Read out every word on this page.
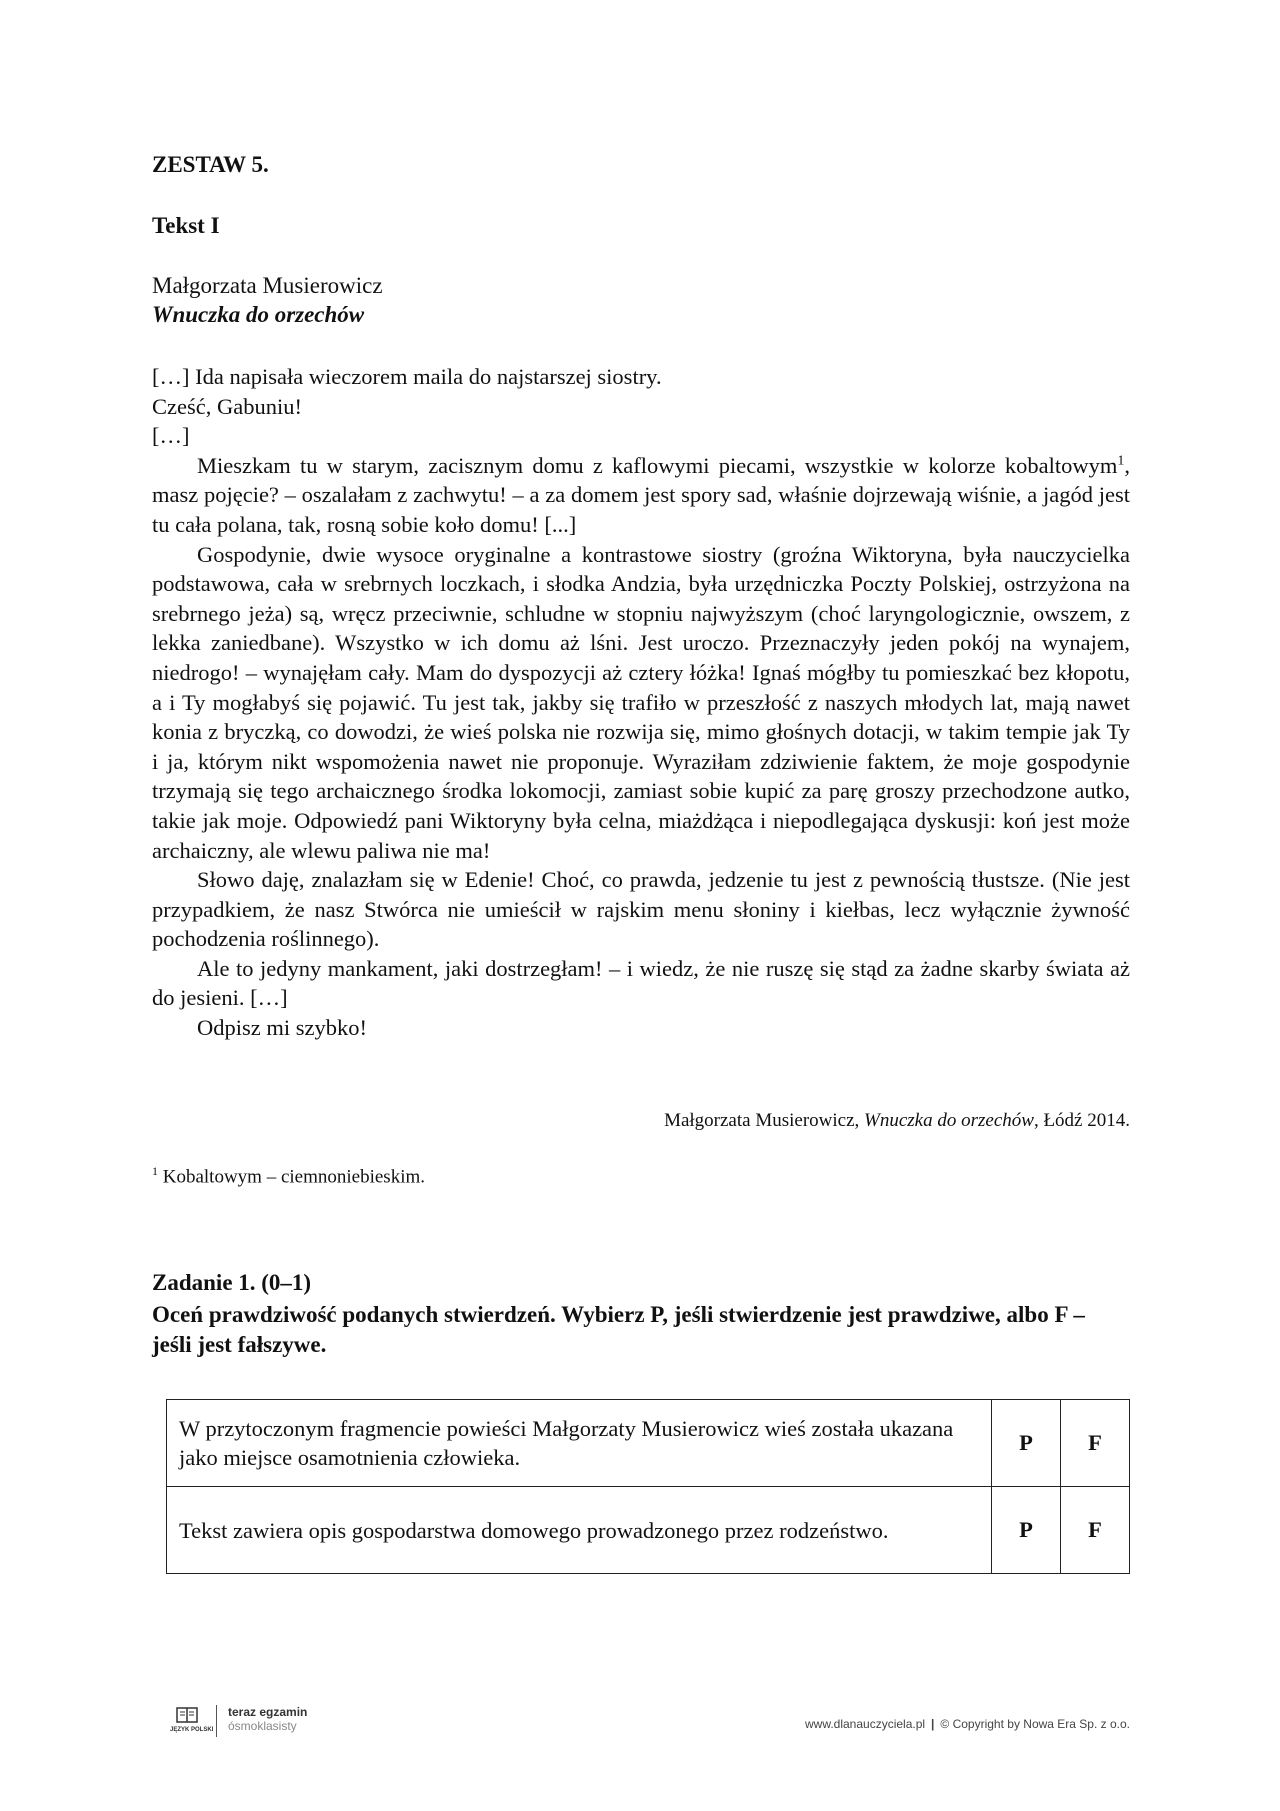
ZESTAW 5.
Tekst I
Małgorzata Musierowicz
Wnuczka do orzechów

[…] Ida napisała wieczorem maila do najstarszej siostry.

Cześć, Gabuniu!

[…]

Mieszkam tu w starym, zacisznym domu z kaflowymi piecami, wszystkie w kolorze kobaltowym$^1$, masz pojęcie? – oszalałam z zachwytu! – a za domem jest spory sad, właśnie dojrzewają wiśnie, a jagód jest tu cała polana, tak, rosną sobie koło domu! [...]

Gospodynie, dwie wysoce oryginalne a kontrastowe siostry (groźna Wiktoryna, była nauczycielka podstawowa, cała w srebrnych loczkach, i słodka Andzia, była urzędniczka Poczty Polskiej, ostrzyżona na srebrnego jeża) są, wręcz przeciwnie, schludne w stopniu najwyższym (choć laryngologicznie, owszem, z lekka zaniedbane). Wszystko w ich domu aż lśni. Jest uroczo. Przeznaczyły jeden pokój na wynajem, niedrogo! – wynajęłam cały. Mam do dyspozycji aż cztery łóżka! Ignaś mógłby tu pomieszkać bez kłopotu, a i Ty mogłabyś się pojawić. Tu jest tak, jakby się trafiło w przeszłość z naszych młodych lat, mają nawet konia z bryczką, co dowodzi, że wieś polska nie rozwija się, mimo głośnych dotacji, w takim tempie jak Ty i ja, którym nikt wspomożenia nawet nie proponuje. Wyraziłam zdziwienie faktem, że moje gospodynie trzymają się tego archaicznego środka lokomocji, zamiast sobie kupić za parę groszy przechodzone autko, takie jak moje. Odpowiedź pani Wiktoryny była celna, miażdżąca i niepodlegająca dyskusji: koń jest może archaiczny, ale wlewu paliwa nie ma!

Słowo daję, znalazłam się w Edenie! Choć, co prawda, jedzenie tu jest z pewnością tłustsze. (Nie jest przypadkiem, że nasz Stwórca nie umieścił w rajskim menu słoniny i kiełbas, lecz wyłącznie żywność pochodzenia roślinnego).

Ale to jedyny mankament, jaki dostrzegłam! – i wiedz, że nie ruszę się stąd za żadne skarby świata aż do jesieni. […]

Odpisz mi szybko!

Małgorzata Musierowicz, Wnuczka do orzechów, Łódź 2014.
$^1$ Kobaltowym – ciemnoniebieskim.
Zadanie 1. (0–1)
Oceń prawdziwość podanych stwierdzeń. Wybierz P, jeśli stwierdzenie jest prawdziwe, albo F – jeśli jest fałszywe.
W przytoczonym fragmencie powieści Małgorzaty Musierowicz wieś została ukazana jako miejsce osamotnienia człowieka.	P	F
Tekst zawiera opis gospodarstwa domowego prowadzonego przez rodzeństwo.	P	F
JĘZYK POLSKI
teraz egzamin
ósmoklasisty	www.dlanauczyciela.pl | © Copyright by Nowa Era Sp. z o.o.
